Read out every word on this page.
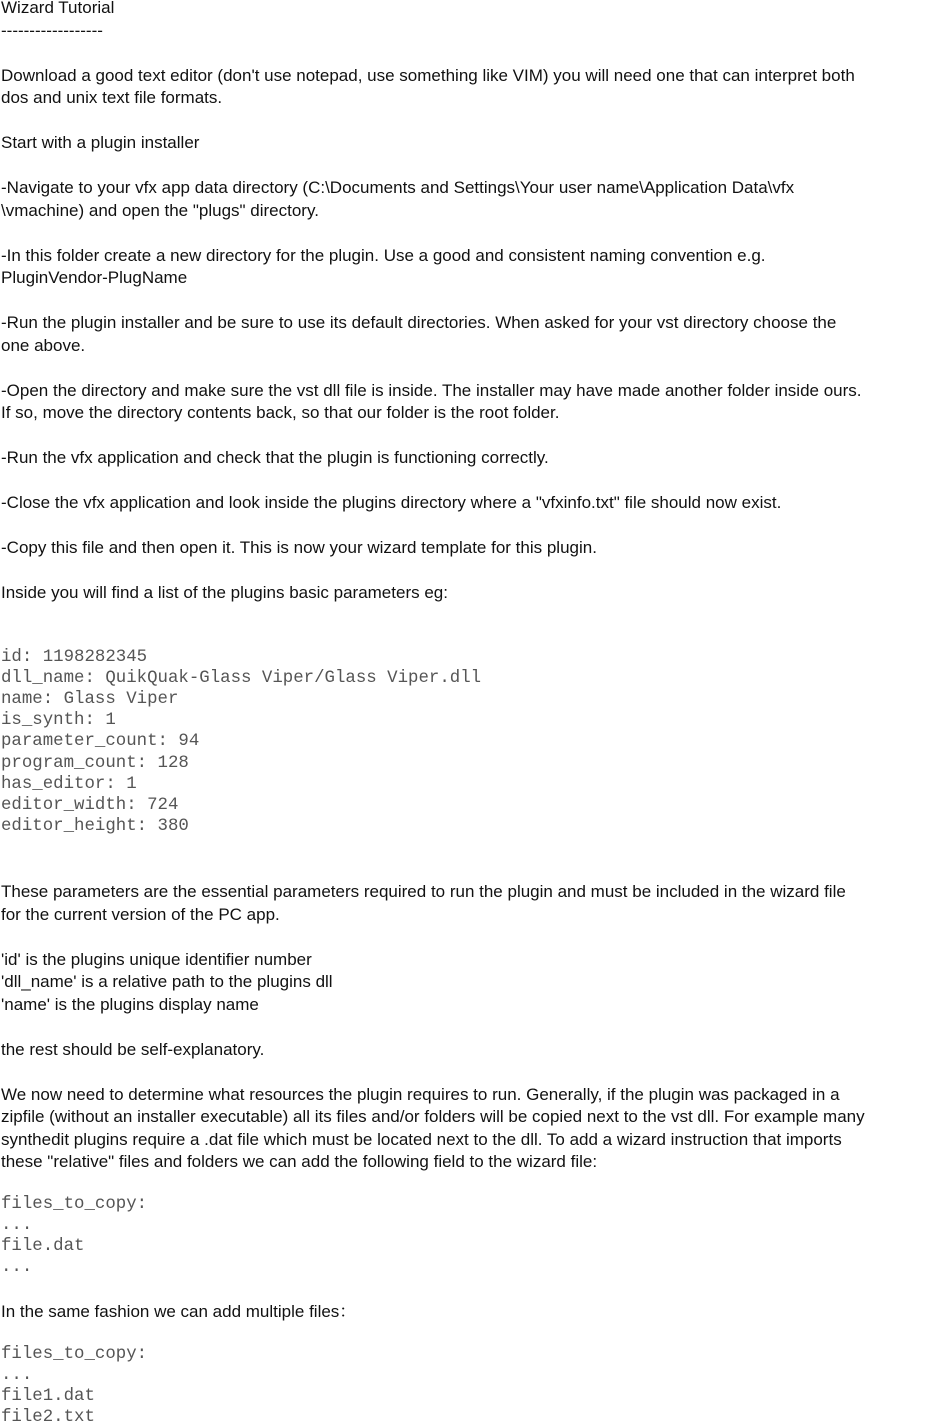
Wizard Tutorial

------------------

Download a good text editor (don't use notepad, use something like VIM) you will need one that can interpret both

dos and unix text file formats.

Start with a plugin installer

-Navigate to your vfx app data directory (C:\Documents and Settings\Your user name\Application Data\vfx

\vmachine) and open the "plugs" directory.

-In this folder create a new directory for the plugin. Use a good and consistent naming convention e.g.

PluginVendor-PlugName

-Run the plugin installer and be sure to use its default directories. When asked for your vst directory choose the

one above.

-Open the directory and make sure the vst dll file is inside. The installer may have made another folder inside ours.

If so, move the directory contents back, so that our folder is the root folder.

-Run the vfx application and check that the plugin is functioning correctly.

-Close the vfx application and look inside the plugins directory where a "vfxinfo.txt" file should now exist.

-Copy this file and then open it. This is now your wizard template for this plugin.

Inside you will find a list of the plugins basic parameters eg:

id: 1198282345

dll_name: QuikQuak-Glass Viper/Glass Viper.dll

name: Glass Viper

is_synth: 1

parameter_count: 94

program_count: 128

has_editor: 1

editor_width: 724

editor_height: 380

These parameters are the essential parameters required to run the plugin and must be included in the wizard file

for the current version of the PC app.

'id' is the plugins unique identifier number

'dll_name' is a relative path to the plugins dll

'name' is the plugins display name

the rest should be self-explanatory.

We now need to determine what resources the plugin requires to run. Generally, if the plugin was packaged in a

zipfile (without an installer executable) all its files and/or folders will be copied next to the vst dll. For example many

synthedit plugins require a .dat file which must be located next to the dll. To add a wizard instruction that imports

these "relative" files and folders we can add the following field to the wizard file:

files_to_copy:

...

file.dat

...

In the same fashion we can add multiple files：

files_to_copy:

...

file1.dat

file2.txt
